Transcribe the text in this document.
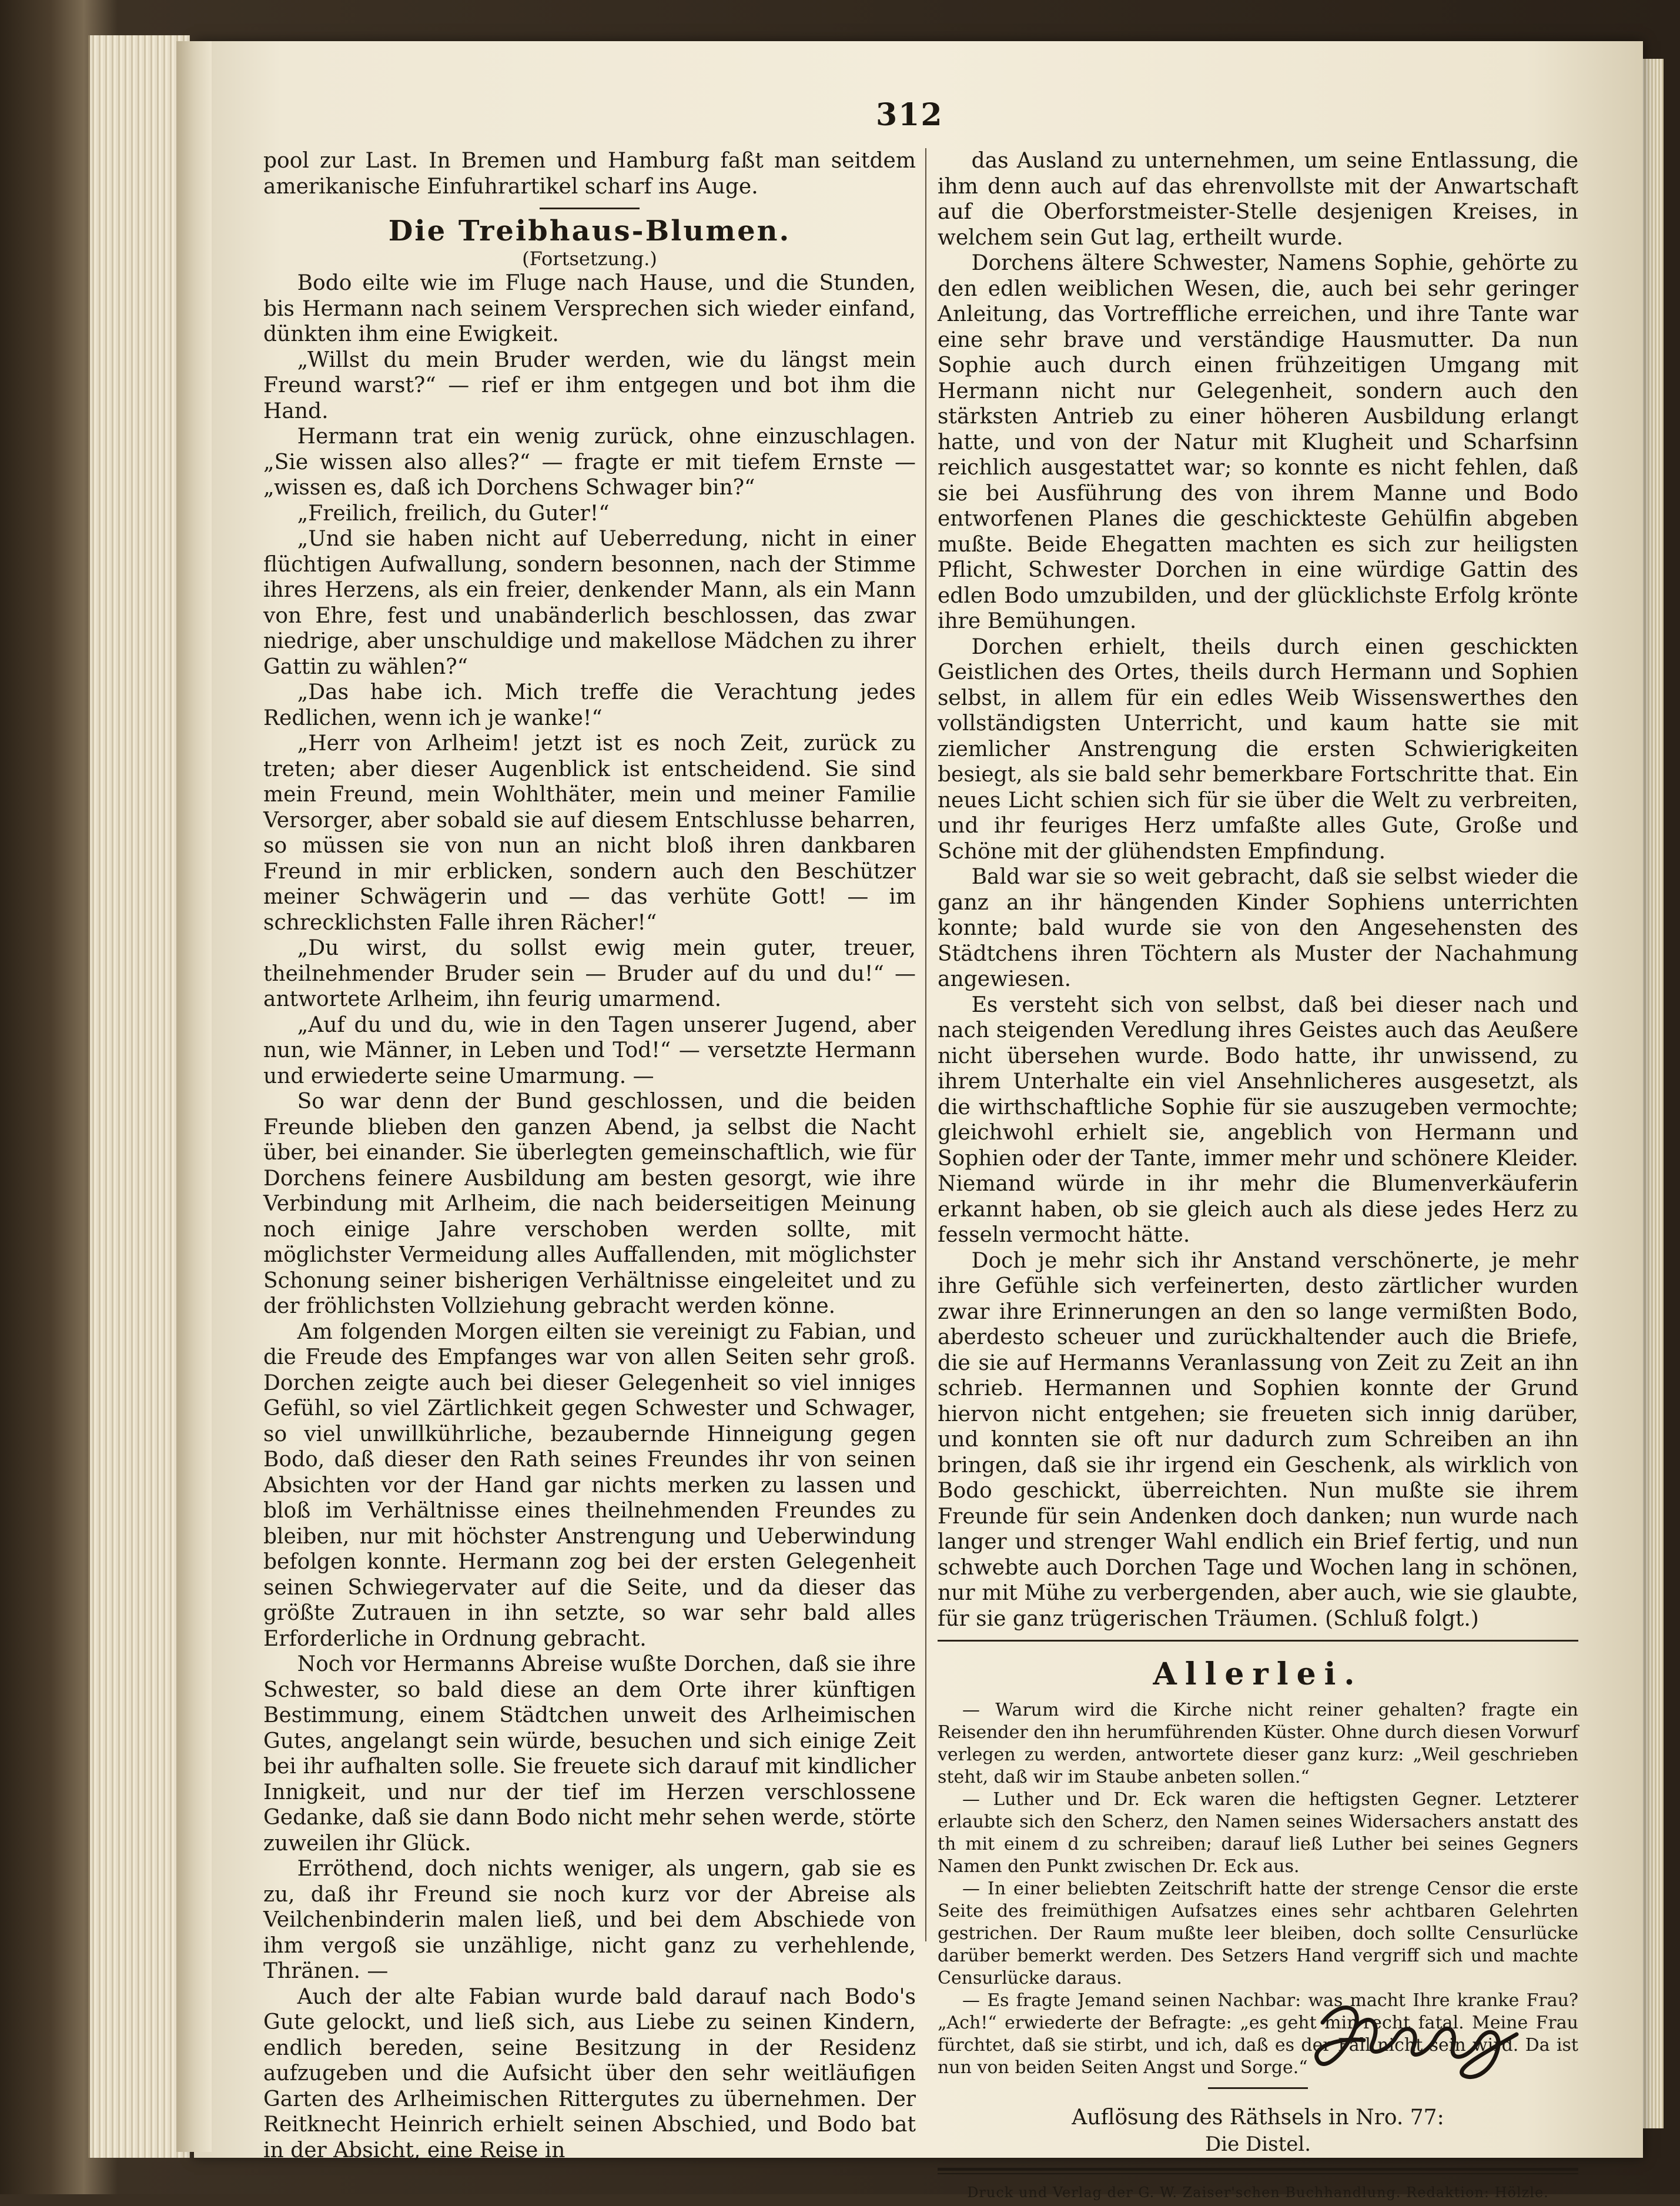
312

pool zur Last. In Bremen und Hamburg faßt man seitdem amerikanische Einfuhrartikel scharf ins Auge.

Die Treibhaus-Blumen.
(Fortsetzung.)

Bodo eilte wie im Fluge nach Hause, und die Stunden, bis Hermann nach seinem Versprechen sich wieder einfand, dünkten ihm eine Ewigkeit.

„Willst du mein Bruder werden, wie du längst mein Freund warst?“ — rief er ihm entgegen und bot ihm die Hand.

Hermann trat ein wenig zurück, ohne einzuschlagen. „Sie wissen also alles?“ — fragte er mit tiefem Ernste — „wissen es, daß ich Dorchens Schwager bin?“

„Freilich, freilich, du Guter!“

„Und sie haben nicht auf Ueberredung, nicht in einer flüchtigen Aufwallung, sondern besonnen, nach der Stimme ihres Herzens, als ein freier, denkender Mann, als ein Mann von Ehre, fest und unabänderlich beschlossen, das zwar niedrige, aber unschuldige und makellose Mädchen zu ihrer Gattin zu wählen?“

„Das habe ich. Mich treffe die Verachtung jedes Redlichen, wenn ich je wanke!“

„Herr von Arlheim! jetzt ist es noch Zeit, zurück zu treten; aber dieser Augenblick ist entscheidend. Sie sind mein Freund, mein Wohlthäter, mein und meiner Familie Versorger, aber sobald sie auf diesem Entschlusse beharren, so müssen sie von nun an nicht bloß ihren dankbaren Freund in mir erblicken, sondern auch den Beschützer meiner Schwägerin und — das verhüte Gott! — im schrecklichsten Falle ihren Rächer!“

„Du wirst, du sollst ewig mein guter, treuer, theilnehmender Bruder sein — Bruder auf du und du!“ — antwortete Arlheim, ihn feurig umarmend.

„Auf du und du, wie in den Tagen unserer Jugend, aber nun, wie Männer, in Leben und Tod!“ — versetzte Hermann und erwiederte seine Umarmung. —

So war denn der Bund geschlossen, und die beiden Freunde blieben den ganzen Abend, ja selbst die Nacht über, bei einander. Sie überlegten gemeinschaftlich, wie für Dorchens feinere Ausbildung am besten gesorgt, wie ihre Verbindung mit Arlheim, die nach beiderseitigen Meinung noch einige Jahre verschoben werden sollte, mit möglichster Vermeidung alles Auffallenden, mit möglichster Schonung seiner bisherigen Verhältnisse eingeleitet und zu der fröhlichsten Vollziehung gebracht werden könne.

Am folgenden Morgen eilten sie vereinigt zu Fabian, und die Freude des Empfanges war von allen Seiten sehr groß. Dorchen zeigte auch bei dieser Gelegenheit so viel inniges Gefühl, so viel Zärtlichkeit gegen Schwester und Schwager, so viel unwillkührliche, bezaubernde Hinneigung gegen Bodo, daß dieser den Rath seines Freundes ihr von seinen Absichten vor der Hand gar nichts merken zu lassen und bloß im Verhältnisse eines theilnehmenden Freundes zu bleiben, nur mit höchster Anstrengung und Ueberwindung befolgen konnte. Hermann zog bei der ersten Gelegenheit seinen Schwiegervater auf die Seite, und da dieser das größte Zutrauen in ihn setzte, so war sehr bald alles Erforderliche in Ordnung gebracht.

Noch vor Hermanns Abreise wußte Dorchen, daß sie ihre Schwester, so bald diese an dem Orte ihrer künftigen Bestimmung, einem Städtchen unweit des Arlheimischen Gutes, angelangt sein würde, besuchen und sich einige Zeit bei ihr aufhalten solle. Sie freuete sich darauf mit kindlicher Innigkeit, und nur der tief im Herzen verschlossene Gedanke, daß sie dann Bodo nicht mehr sehen werde, störte zuweilen ihr Glück.

Erröthend, doch nichts weniger, als ungern, gab sie es zu, daß ihr Freund sie noch kurz vor der Abreise als Veilchenbinderin malen ließ, und bei dem Abschiede von ihm vergoß sie unzählige, nicht ganz zu verhehlende, Thränen. —

Auch der alte Fabian wurde bald darauf nach Bodo's Gute gelockt, und ließ sich, aus Liebe zu seinen Kindern, endlich bereden, seine Besitzung in der Residenz aufzugeben und die Aufsicht über den sehr weitläufigen Garten des Arlheimischen Rittergutes zu übernehmen. Der Reitknecht Heinrich erhielt seinen Abschied, und Bodo bat in der Absicht, eine Reise in

das Ausland zu unternehmen, um seine Entlassung, die ihm denn auch auf das ehrenvollste mit der Anwartschaft auf die Oberforstmeister-Stelle desjenigen Kreises, in welchem sein Gut lag, ertheilt wurde.

Dorchens ältere Schwester, Namens Sophie, gehörte zu den edlen weiblichen Wesen, die, auch bei sehr geringer Anleitung, das Vortreffliche erreichen, und ihre Tante war eine sehr brave und verständige Hausmutter. Da nun Sophie auch durch einen frühzeitigen Umgang mit Hermann nicht nur Gelegenheit, sondern auch den stärksten Antrieb zu einer höheren Ausbildung erlangt hatte, und von der Natur mit Klugheit und Scharfsinn reichlich ausgestattet war; so konnte es nicht fehlen, daß sie bei Ausführung des von ihrem Manne und Bodo entworfenen Planes die geschickteste Gehülfin abgeben mußte. Beide Ehegatten machten es sich zur heiligsten Pflicht, Schwester Dorchen in eine würdige Gattin des edlen Bodo umzubilden, und der glücklichste Erfolg krönte ihre Bemühungen.

Dorchen erhielt, theils durch einen geschickten Geistlichen des Ortes, theils durch Hermann und Sophien selbst, in allem für ein edles Weib Wissenswerthes den vollständigsten Unterricht, und kaum hatte sie mit ziemlicher Anstrengung die ersten Schwierigkeiten besiegt, als sie bald sehr bemerkbare Fortschritte that. Ein neues Licht schien sich für sie über die Welt zu verbreiten, und ihr feuriges Herz umfaßte alles Gute, Große und Schöne mit der glühendsten Empfindung.

Bald war sie so weit gebracht, daß sie selbst wieder die ganz an ihr hängenden Kinder Sophiens unterrichten konnte; bald wurde sie von den Angesehensten des Städtchens ihren Töchtern als Muster der Nachahmung angewiesen.

Es versteht sich von selbst, daß bei dieser nach und nach steigenden Veredlung ihres Geistes auch das Aeußere nicht übersehen wurde. Bodo hatte, ihr unwissend, zu ihrem Unterhalte ein viel Ansehnlicheres ausgesetzt, als die wirthschaftliche Sophie für sie auszugeben vermochte; gleichwohl erhielt sie, angeblich von Hermann und Sophien oder der Tante, immer mehr und schönere Kleider. Niemand würde in ihr mehr die Blumenverkäuferin erkannt haben, ob sie gleich auch als diese jedes Herz zu fesseln vermocht hätte.

Doch je mehr sich ihr Anstand verschönerte, je mehr ihre Gefühle sich verfeinerten, desto zärtlicher wurden zwar ihre Erinnerungen an den so lange vermißten Bodo, aberdesto scheuer und zurückhaltender auch die Briefe, die sie auf Hermanns Veranlassung von Zeit zu Zeit an ihn schrieb. Hermannen und Sophien konnte der Grund hiervon nicht entgehen; sie freueten sich innig darüber, und konnten sie oft nur dadurch zum Schreiben an ihn bringen, daß sie ihr irgend ein Geschenk, als wirklich von Bodo geschickt, überreichten. Nun mußte sie ihrem Freunde für sein Andenken doch danken; nun wurde nach langer und strenger Wahl endlich ein Brief fertig, und nun schwebte auch Dorchen Tage und Wochen lang in schönen, nur mit Mühe zu verbergenden, aber auch, wie sie glaubte, für sie ganz trügerischen Träumen. (Schluß folgt.)

Allerlei.

— Warum wird die Kirche nicht reiner gehalten? fragte ein Reisender den ihn herumführenden Küster. Ohne durch diesen Vorwurf verlegen zu werden, antwortete dieser ganz kurz: „Weil geschrieben steht, daß wir im Staube anbeten sollen.“

— Luther und Dr. Eck waren die heftigsten Gegner. Letzterer erlaubte sich den Scherz, den Namen seines Widersachers anstatt des th mit einem d zu schreiben; darauf ließ Luther bei seines Gegners Namen den Punkt zwischen Dr. Eck aus.

— In einer beliebten Zeitschrift hatte der strenge Censor die erste Seite des freimüthigen Aufsatzes eines sehr achtbaren Gelehrten gestrichen. Der Raum mußte leer bleiben, doch sollte Censurlücke darüber bemerkt werden. Des Setzers Hand vergriff sich und machte Censurlücke daraus.

— Es fragte Jemand seinen Nachbar: was macht Ihre kranke Frau? „Ach!“ erwiederte der Befragte: „es geht mir recht fatal. Meine Frau fürchtet, daß sie stirbt, und ich, daß es der Fall nicht sein wird. Da ist nun von beiden Seiten Angst und Sorge.“

Auflösung des Räthsels in Nro. 77:
Die Distel.
Druck und Verlag der G. W. Zaiser'schen Buchhandlung. Redaktion: Hölzle.
